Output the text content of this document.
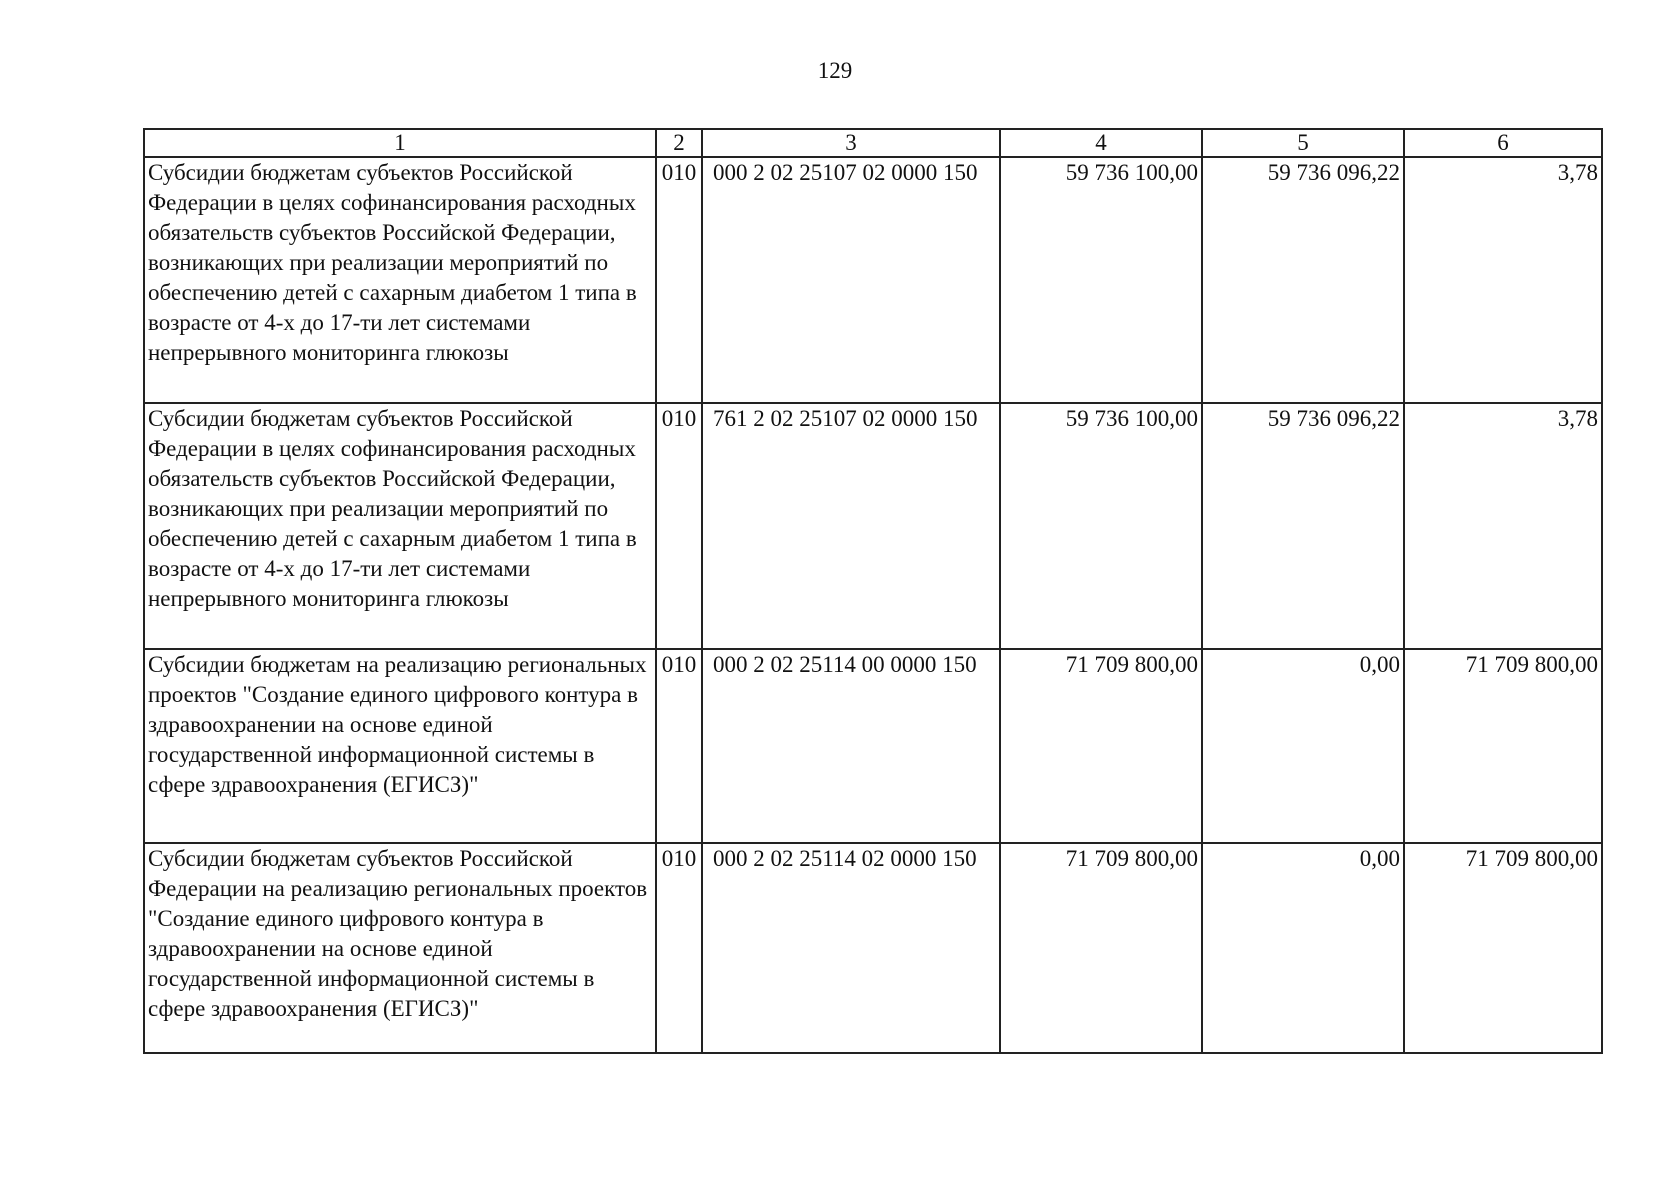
129
1	2	3	4	5	6
Субсидии бюджетам субъектов Российской Федерации в целях софинансирования расходных обязательств субъектов Российской Федерации, возникающих при реализации мероприятий по обеспечению детей с сахарным диабетом 1 типа в возрасте от 4-х до 17-ти лет системами непрерывного мониторинга глюкозы	010	000 2 02 25107 02 0000 150	59 736 100,00	59 736 096,22	3,78
Субсидии бюджетам субъектов Российской Федерации в целях софинансирования расходных обязательств субъектов Российской Федерации, возникающих при реализации мероприятий по обеспечению детей с сахарным диабетом 1 типа в возрасте от 4-х до 17-ти лет системами непрерывного мониторинга глюкозы	010	761 2 02 25107 02 0000 150	59 736 100,00	59 736 096,22	3,78
Субсидии бюджетам на реализацию региональных проектов "Создание единого цифрового контура в здравоохранении на основе единой государственной информационной системы в сфере здравоохранения (ЕГИСЗ)"	010	000 2 02 25114 00 0000 150	71 709 800,00	0,00	71 709 800,00
Субсидии бюджетам субъектов Российской Федерации на реализацию региональных проектов "Создание единого цифрового контура в здравоохранении на основе единой государственной информационной системы в сфере здравоохранения (ЕГИСЗ)"	010	000 2 02 25114 02 0000 150	71 709 800,00	0,00	71 709 800,00
